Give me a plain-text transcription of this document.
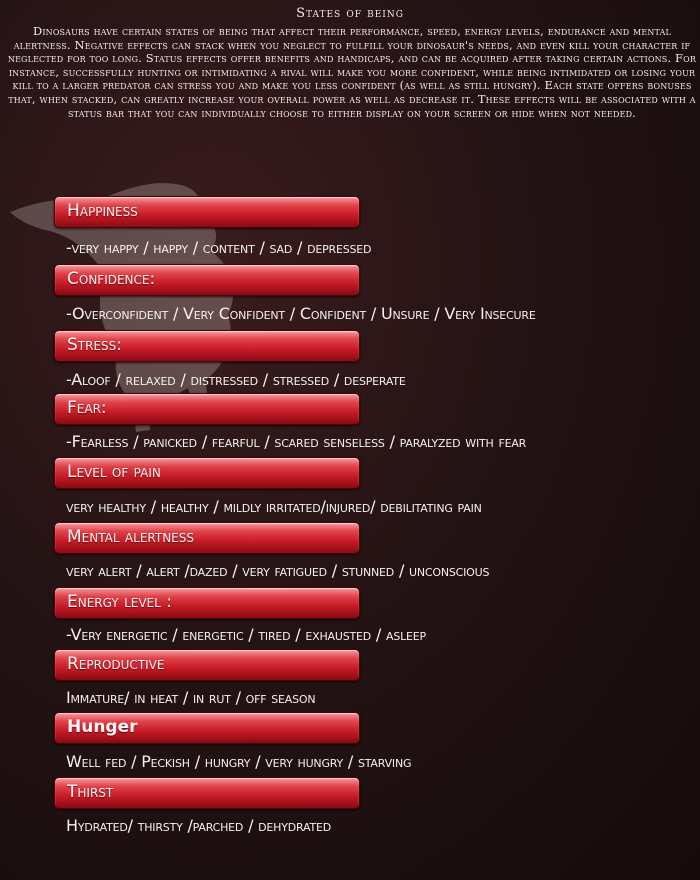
States of being
Dinosaurs have certain states of being that affect their performance, speed, energy levels, endurance and mental alertness. Negative effects can stack when you neglect to fulfill your dinosaur's needs, and even kill your character if neglected for too long. Status effects offer benefits and handicaps, and can be acquired after taking certain actions. For instance, successfully hunting or intimidating a rival will make you more confident, while being intimidated or losing your kill to a larger predator can stress you and make you less confident (as well as still hungry). Each state offers bonuses that, when stacked, can greatly increase your overall power as well as decrease it. These effects will be associated with a status bar that you can individually choose to either display on your screen or hide when not needed.
Happiness
-very happy / happy / content / sad / depressed
Confidence:
-Overconfident / Very Confident / Confident / Unsure / Very Insecure
Stress:
-Aloof / relaxed / distressed / stressed / desperate
Fear:
-Fearless / panicked / fearful / scared senseless / paralyzed with fear
Level of pain
very healthy / healthy / mildly irritated/injured/ debilitating pain
Mental alertness
very alert / alert /dazed / very fatigued / stunned / unconscious
Energy level :
-Very energetic / energetic / tired / exhausted / asleep
Reproductive
Immature/ in heat / in rut / off season
Hunger
Well fed / Peckish / hungry / very hungry / starving
Thirst
Hydrated/ thirsty /parched / dehydrated
